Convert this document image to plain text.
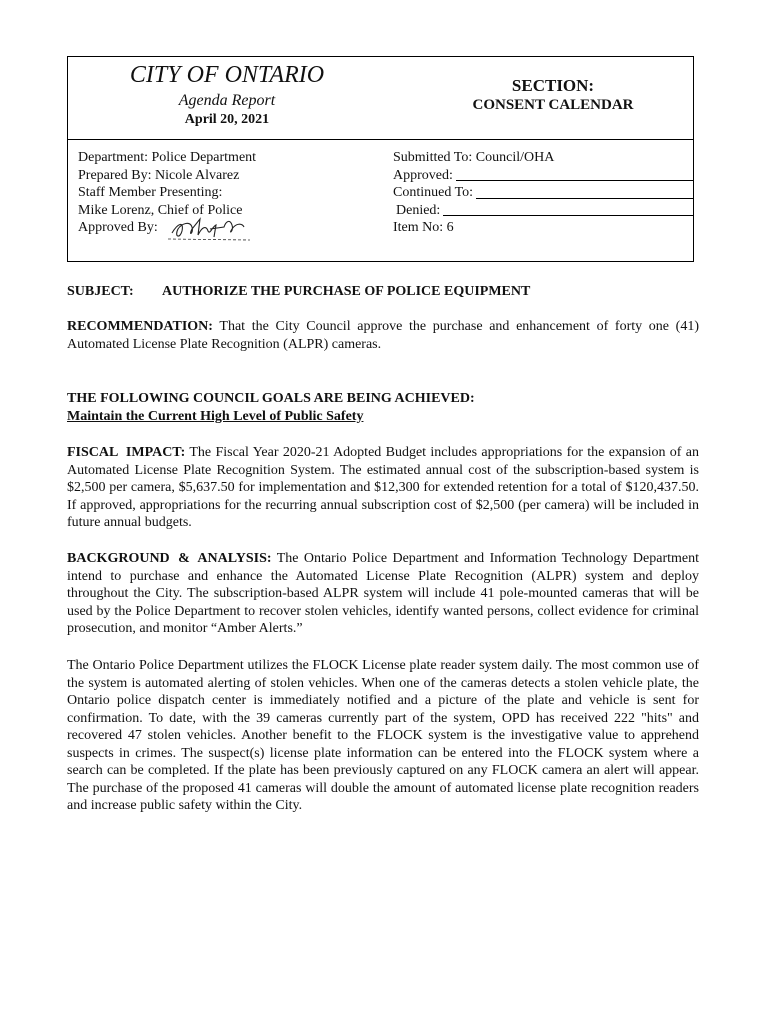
CITY OF ONTARIO
Agenda Report
April 20, 2021
SECTION:
CONSENT CALENDAR
Department: Police Department
Prepared By: Nicole Alvarez
Staff Member Presenting:
Mike Lorenz, Chief of Police
Approved By:
Submitted To: Council/OHA
Approved:
Continued To:
Denied:
Item No: 6
SUBJECT: AUTHORIZE THE PURCHASE OF POLICE EQUIPMENT

RECOMMENDATION: That the City Council approve the purchase and enhancement of forty one (41) Automated License Plate Recognition (ALPR) cameras.

THE FOLLOWING COUNCIL GOALS ARE BEING ACHIEVED:
Maintain the Current High Level of Public Safety

FISCAL IMPACT: The Fiscal Year 2020-21 Adopted Budget includes appropriations for the expansion of an Automated License Plate Recognition System. The estimated annual cost of the subscription-based system is $2,500 per camera, $5,637.50 for implementation and $12,300 for extended retention for a total of $120,437.50. If approved, appropriations for the recurring annual subscription cost of $2,500 (per camera) will be included in future annual budgets.

BACKGROUND & ANALYSIS: The Ontario Police Department and Information Technology Department intend to purchase and enhance the Automated License Plate Recognition (ALPR) system and deploy throughout the City. The subscription-based ALPR system will include 41 pole-mounted cameras that will be used by the Police Department to recover stolen vehicles, identify wanted persons, collect evidence for criminal prosecution, and monitor “Amber Alerts.”

The Ontario Police Department utilizes the FLOCK License plate reader system daily. The most common use of the system is automated alerting of stolen vehicles. When one of the cameras detects a stolen vehicle plate, the Ontario police dispatch center is immediately notified and a picture of the plate and vehicle is sent for confirmation. To date, with the 39 cameras currently part of the system, OPD has received 222 "hits" and recovered 47 stolen vehicles. Another benefit to the FLOCK system is the investigative value to apprehend suspects in crimes. The suspect(s) license plate information can be entered into the FLOCK system where a search can be completed. If the plate has been previously captured on any FLOCK camera an alert will appear. The purchase of the proposed 41 cameras will double the amount of automated license plate recognition readers and increase public safety within the City.
